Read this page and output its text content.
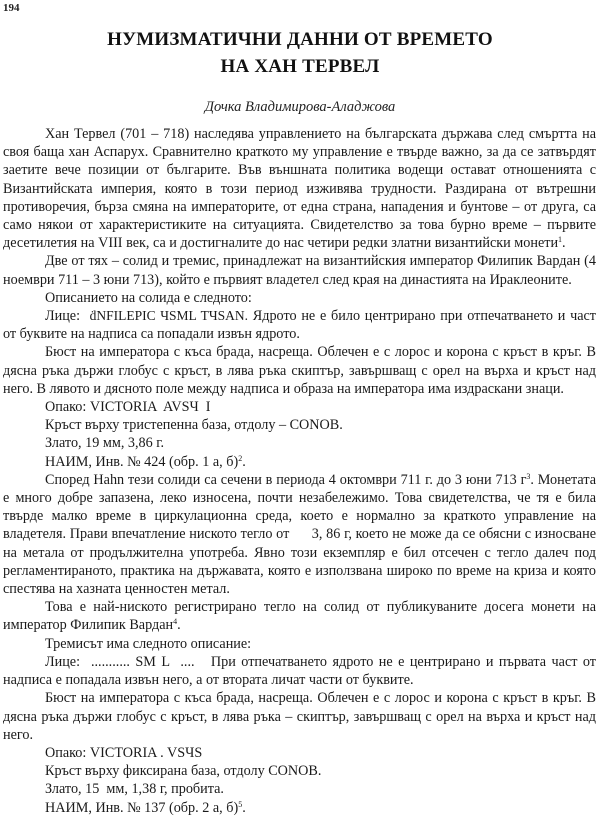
194
НУМИЗМАТИЧНИ ДАННИ ОТ ВРЕМЕТО
НА ХАН ТЕРВЕЛ
Дочка Владимирова-Аладжова

Хан Тервел (701 – 718) наследява управлението на българската държава след смъртта на своя баща хан Аспарух. Сравнително краткото му управление е твърде важно, за да се затвърдят заетите вече позиции от българите. Във външната политика водещи остават отношенията с Византийската империя, която в този период изживява трудности. Раздирана от вътрешни противоречия, бърза смяна на императорите, от една страна, нападения и бунтове – от друга, са само някои от характеристиките на ситуацията. Свидетелство за това бурно време – първите десетилетия на VIII век, са и достигналите до нас четири редки златни византийски монети$^1$.

Две от тях – солид и тремис, принадлежат на византийския император Филипик Вардан (4 ноември 711 – 3 юни 713), който е първият владетел след края на династията на Ираклеоните.

Описанието на солида е следното:

Лице: ḋNFILEPIC ЧSML TЧSAN. Ядрото не е било центрирано при отпечатването и част от буквите на надписа са попадали извън ядрото.

Бюст на императора с къса брада, насреща. Облечен е с лорос и корона с кръст в кръг. В дясна ръка държи глобус с кръст, в лява ръка скиптър, завършващ с орел на върха и кръст над него. В лявото и дясното поле между надписа и образа на императора има издраскани знаци.

Опако: VICTORIA  AVSЧ  I

Кръст върху тристепенна база, отдолу – CONOB.

Злато, 19 мм, 3,86 г.

НАИМ, Инв. № 424 (обр. 1 а, б)$^2$.

Според Hahn тези солиди са сечени в периода 4 октомври 711 г. до 3 юни 713 $г^3$. Монетата е много добре запазена, леко износена, почти незабележимо. Това свидетелства, че тя е била твърде малко време в циркулационна среда, което е нормално за краткото управление на владетеля. Прави впечатление ниското тегло от      3, 86 г, което не може да се обясни с износване на метала от продължителна употреба. Явно този екземпляр е бил отсечен с тегло далеч под регламентираното, практика на държавата, която е използвана широко по време на криза и която спестява на хазната ценностен метал.

Това е най-ниското регистрирано тегло на солид от публикуваните досега монети на император Филипик Вардан$^4$.

Тремисът има следното описание:

Лице: ........... SM L  .... При отпечатването ядрото не е центрирано и първата част от надписа е попадала извън него, а от втората личат части от буквите.

Бюст на императора с къса брада, насреща. Облечен е с лорос и корона с кръст в кръг. В дясна ръка държи глобус с кръст, в лява ръка – скиптър, завършващ с орел на върха и кръст над него.

Опако: VICTORIA . VSЧS

Кръст върху фиксирана база, отдолу CONOB.

Злато, 15  мм, 1,38 г, пробита.

НАИМ, Инв. № 137 (обр. 2 а, б)$^5$.
